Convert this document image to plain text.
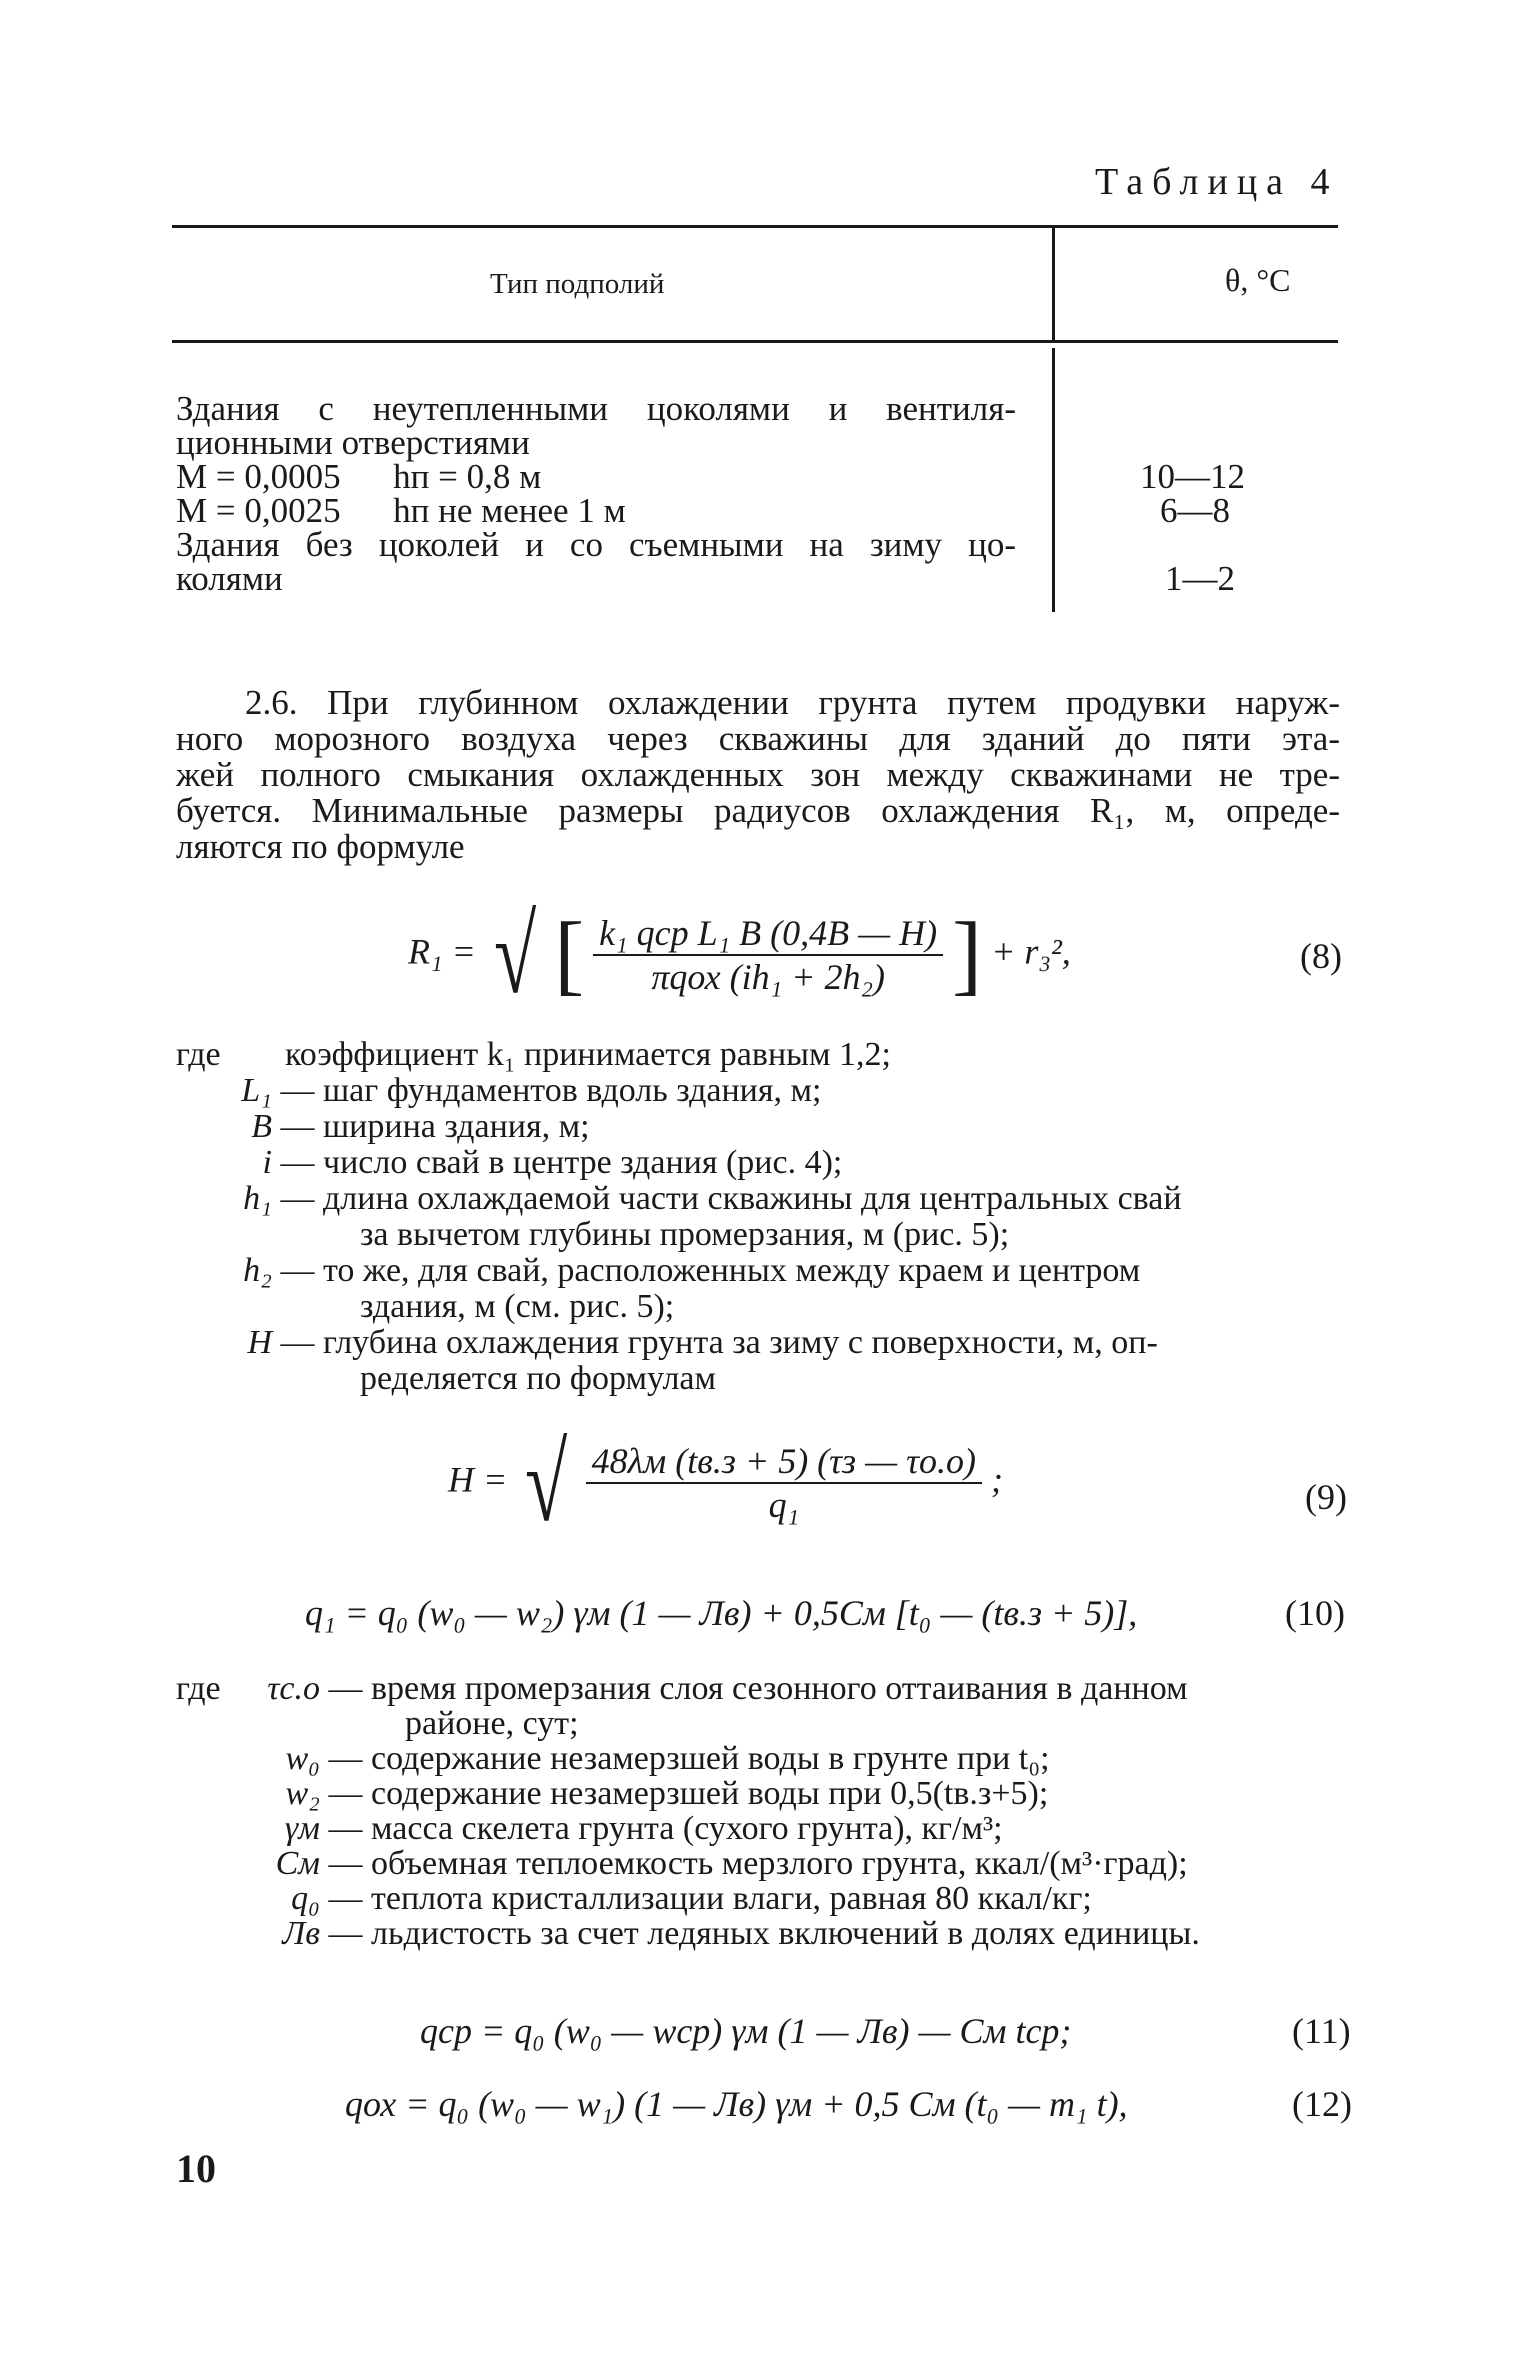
Таблица 4
Тип подполий	θ, °C
Здания с неутепленными цоколями и вентиля-
ционными отверстиями
М = 0,0005      hп = 0,8 м	10—12
М = 0,0025      hп не менее 1 м	6—8
Здания без цоколей и со съемными на зиму цо-
колями	1—2
2.6. При глубинном охлаждении грунта путем продувки наруж-
ного морозного воздуха через скважины для зданий до пяти эта-
жей полного смыкания охлажденных зон между скважинами не тре-
буется. Минимальные размеры радиусов охлаждения R₁, м, опреде-
ляются по формуле
R₁ = √ [ $\frac{\text{k₁ qср L₁ B (0,4B — H)}}{\text{πqох (ih₁ + 2h₂)}}$ ] + r₃²,	(8)
где коэффициент k₁ принимается равным 1,2;
L₁ — шаг фундаментов вдоль здания, м;
B — ширина здания, м;
i — число свай в центре здания (рис. 4);
h₁ — длина охлаждаемой части скважины для центральных свай
за вычетом глубины промерзания, м (рис. 5);
h₂ — то же, для свай, расположенных между краем и центром
здания, м (см. рис. 5);
H — глубина охлаждения грунта за зиму с поверхности, м, оп-
ределяется по формулам
H = √ $\frac{48\lambda м (tв.з + 5) (\tau з — \tau о.о)}{\text{q₁}}$ ;	(9)
q₁ = q₀ (w₀ — w₂) γм (1 — Лв) + 0,5Cм [t₀ — (tв.з + 5)],	(10)
где	τс.о — время промерзания слоя сезонного оттаивания в данном
районе, сут;
w₀ — содержание незамерзшей воды в грунте при t₀;
w₂ — содержание незамерзшей воды при 0,5(tв.з+5);
γм — масса скелета грунта (сухого грунта), кг/м³;
Cм — объемная теплоемкость мерзлого грунта, ккал/(м³·град);
q₀ — теплота кристаллизации влаги, равная 80 ккал/кг;
Лв — льдистость за счет ледяных включений в долях единицы.
qср = q₀ (w₀ — wср) γм (1 — Лв) — Cм tср;	(11)
qох = q₀ (w₀ — w₁) (1 — Лв) γм + 0,5 Cм (t₀ — m₁ t),	(12)
10
